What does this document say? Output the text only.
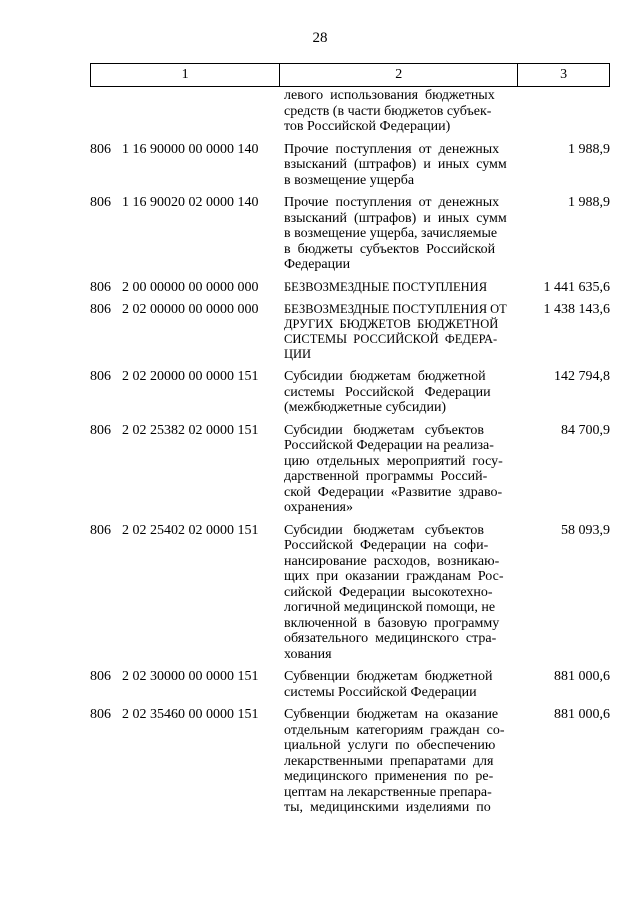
28
1	2	3
левого  использования  бюджетных
средств (в части бюджетов субъек-
тов Российской Федерации)
806 1 16 90000 00 0000 140	Прочие  поступления  от  денежных
взысканий  (штрафов)  и  иных  сумм
в возмещение ущерба
1 988,9
806 1 16 90020 02 0000 140	Прочие  поступления  от  денежных
взысканий  (штрафов)  и  иных  сумм
в возмещение ущерба, зачисляемые
в  бюджеты  субъектов  Российской
Федерации
1 988,9
806 2 00 00000 00 0000 000	БЕЗВОЗМЕЗДНЫЕ ПОСТУПЛЕНИЯ	1 441 635,6
806 2 02 00000 00 0000 000	БЕЗВОЗМЕЗДНЫЕ ПОСТУПЛЕНИЯ ОТ
ДРУГИХ  БЮДЖЕТОВ  БЮДЖЕТНОЙ
СИСТЕМЫ  РОССИЙСКОЙ  ФЕДЕРА-
ЦИИ
1 438 143,6
806 2 02 20000 00 0000 151	Субсидии  бюджетам  бюджетной
системы   Российской   Федерации
(межбюджетные субсидии)
142 794,8
806 2 02 25382 02 0000 151	Субсидии   бюджетам   субъектов
Российской Федерации на реализа-
цию  отдельных  мероприятий  госу-
дарственной  программы  Россий-
ской  Федерации  «Развитие  здраво-
охранения»
84 700,9
806 2 02 25402 02 0000 151	Субсидии   бюджетам   субъектов
Российской  Федерации  на  софи-
нансирование  расходов,  возникаю-
щих  при  оказании  гражданам  Рос-
сийской  Федерации  высокотехно-
логичной медицинской помощи, не
включенной  в  базовую  программу
обязательного  медицинского  стра-
хования
58 093,9
806 2 02 30000 00 0000 151	Субвенции  бюджетам  бюджетной
системы Российской Федерации
881 000,6
806 2 02 35460 00 0000 151	Субвенции  бюджетам  на  оказание
отдельным  категориям  граждан  со-
циальной  услуги  по  обеспечению
лекарственными  препаратами  для
медицинского  применения  по  ре-
цептам на лекарственные препара-
ты,  медицинскими  изделиями  по
881 000,6
